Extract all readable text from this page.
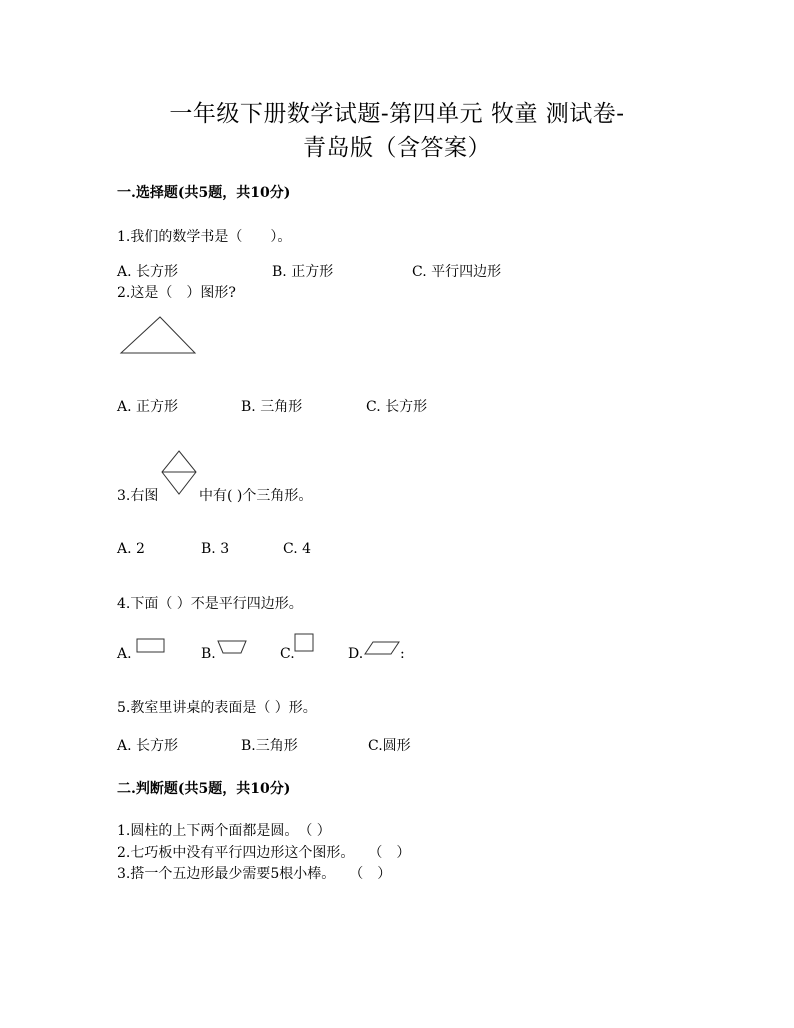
一年级下册数学试题-第四单元 牧童 测试卷-
青岛版（含答案）
一.选择题(共5题，共10分)
1.我们的数学书是（　　）。
A. 长方形	B. 正方形	C. 平行四边形
2.这是（　）图形?
A. 正方形	B. 三角形	C. 长方形
3.右图	中有( )个三角形。
A. 2	B. 3	C. 4
4.下面（ ）不是平行四边形。
A.	B.	C.	D.	:
5.教室里讲桌的表面是（ ）形。
A. 长方形	B.三角形	C.圆形
二.判断题(共5题，共10分)
1.圆柱的上下两个面都是圆。　（ ）
2.七巧板中没有平行四边形这个图形。　　（　）
3.搭一个五边形最少需要5根小棒。　　（　）
